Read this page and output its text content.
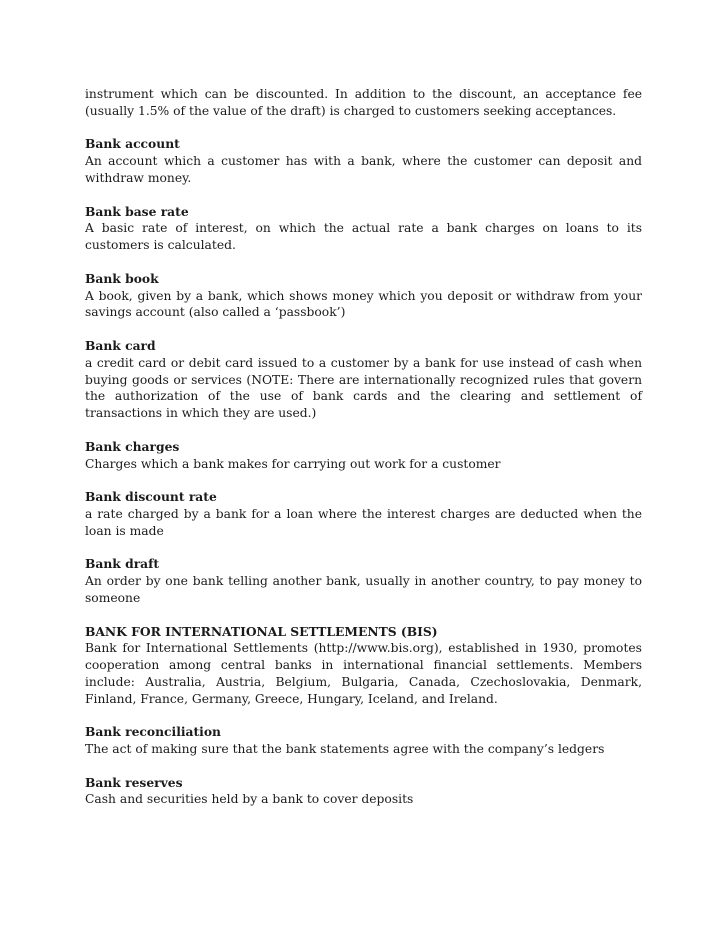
instrument which can be discounted. In addition to the discount, an acceptance fee (usually 1.5% of the value of the draft) is charged to customers seeking acceptances.

Bank account
An account which a customer has with a bank, where the customer can deposit and withdraw money.
Bank base rate
A basic rate of interest, on which the actual rate a bank charges on loans to its customers is calculated.
Bank book
A book, given by a bank, which shows money which you deposit or withdraw from your savings account (also called a ‘passbook’)
Bank card
a credit card or debit card issued to a customer by a bank for use instead of cash when buying goods or services (NOTE: There are internationally recognized rules that govern the authorization of the use of bank cards and the clearing and settlement of transactions in which they are used.)
Bank charges
Charges which a bank makes for carrying out work for a customer
Bank discount rate
a rate charged by a bank for a loan where the interest charges are deducted when the loan is made
Bank draft
An order by one bank telling another bank, usually in another country, to pay money to someone
BANK FOR INTERNATIONAL SETTLEMENTS (BIS)
Bank for International Settlements (http://www.bis.org), established in 1930, promotes cooperation among central banks in international financial settlements. Members include: Australia, Austria, Belgium, Bulgaria, Canada, Czechoslovakia, Denmark, Finland, France, Germany, Greece, Hungary, Iceland, and Ireland.
Bank reconciliation
The act of making sure that the bank statements agree with the company’s ledgers
Bank reserves
Cash and securities held by a bank to cover deposits
